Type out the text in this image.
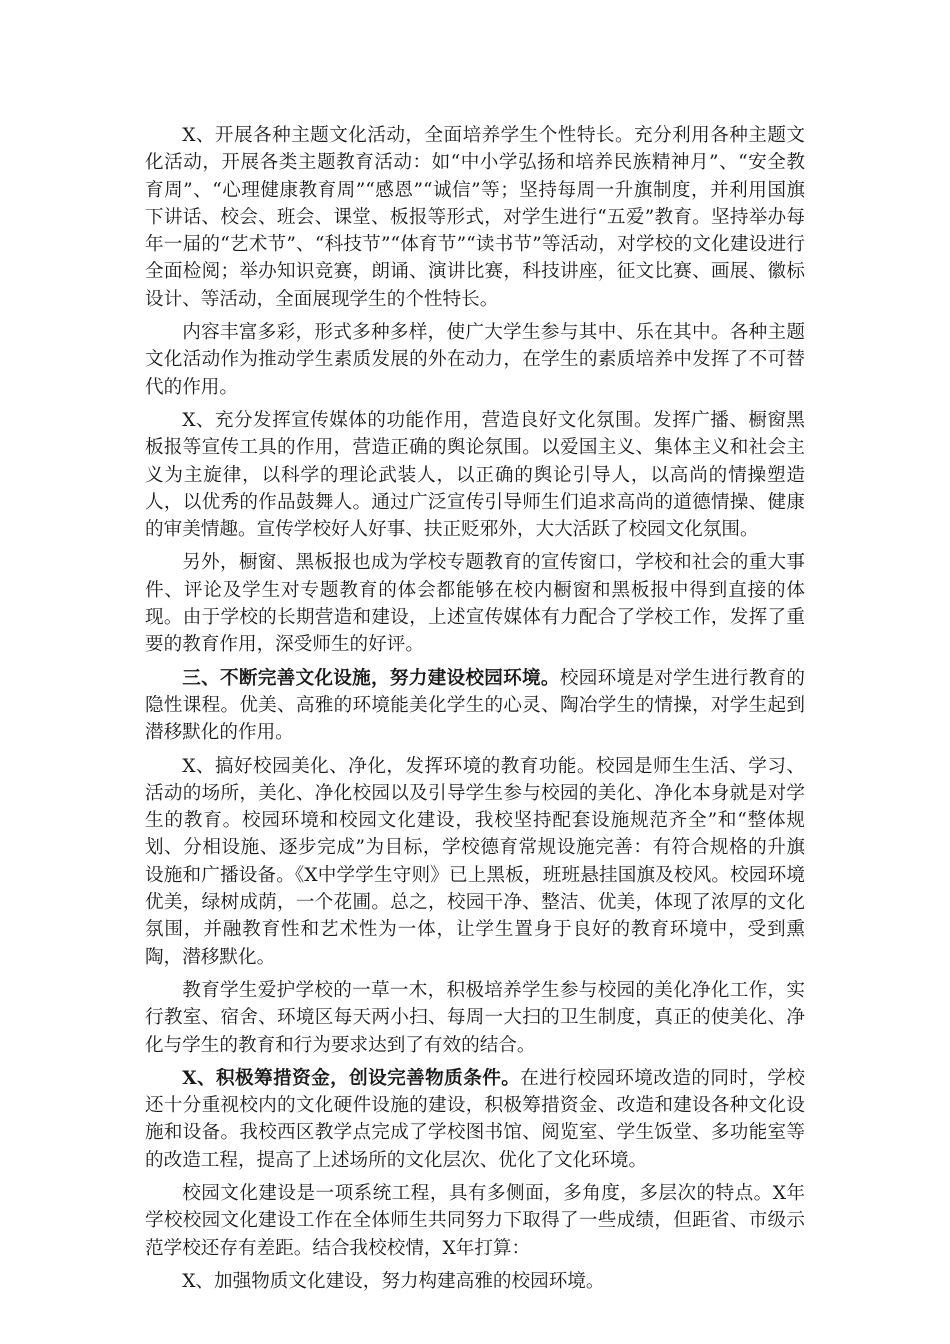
X、开展各种主题文化活动，全面培养学生个性特长。充分利用各种主题文化活动，开展各类主题教育活动：如“中小学弘扬和培养民族精神月”、“安全教育周”、“心理健康教育周”“感恩”“诚信”等；坚持每周一升旗制度，并利用国旗下讲话、校会、班会、课堂、板报等形式，对学生进行“五爱”教育。坚持举办每年一届的“艺术节”、“科技节”“体育节”“读书节”等活动，对学校的文化建设进行全面检阅；举办知识竞赛，朗诵、演讲比赛，科技讲座，征文比赛、画展、徽标设计、等活动，全面展现学生的个性特长。

内容丰富多彩，形式多种多样，使广大学生参与其中、乐在其中。各种主题文化活动作为推动学生素质发展的外在动力，在学生的素质培养中发挥了不可替代的作用。

X、充分发挥宣传媒体的功能作用，营造良好文化氛围。发挥广播、橱窗黑板报等宣传工具的作用，营造正确的舆论氛围。以爱国主义、集体主义和社会主义为主旋律，以科学的理论武装人，以正确的舆论引导人，以高尚的情操塑造人，以优秀的作品鼓舞人。通过广泛宣传引导师生们追求高尚的道德情操、健康的审美情趣。宣传学校好人好事、扶正贬邪外，大大活跃了校园文化氛围。

另外，橱窗、黑板报也成为学校专题教育的宣传窗口，学校和社会的重大事件、评论及学生对专题教育的体会都能够在校内橱窗和黑板报中得到直接的体现。由于学校的长期营造和建设，上述宣传媒体有力配合了学校工作，发挥了重要的教育作用，深受师生的好评。

三、不断完善文化设施，努力建设校园环境。校园环境是对学生进行教育的隐性课程。优美、高雅的环境能美化学生的心灵、陶冶学生的情操，对学生起到潜移默化的作用。

X、搞好校园美化、净化，发挥环境的教育功能。校园是师生生活、学习、活动的场所，美化、净化校园以及引导学生参与校园的美化、净化本身就是对学生的教育。校园环境和校园文化建设，我校坚持配套设施规范齐全”和“整体规划、分相设施、逐步完成”为目标，学校德育常规设施完善：有符合规格的升旗设施和广播设备。《X中学学生守则》已上黑板，班班悬挂国旗及校风。校园环境优美，绿树成荫，一个花圃。总之，校园干净、整洁、优美，体现了浓厚的文化氛围，并融教育性和艺术性为一体，让学生置身于良好的教育环境中，受到熏陶，潜移默化。

教育学生爱护学校的一草一木，积极培养学生参与校园的美化净化工作，实行教室、宿舍、环境区每天两小扫、每周一大扫的卫生制度，真正的使美化、净化与学生的教育和行为要求达到了有效的结合。

X、积极筹措资金，创设完善物质条件。在进行校园环境改造的同时，学校还十分重视校内的文化硬件设施的建设，积极筹措资金、改造和建设各种文化设施和设备。我校西区教学点完成了学校图书馆、阅览室、学生饭堂、多功能室等的改造工程，提高了上述场所的文化层次、优化了文化环境。

校园文化建设是一项系统工程，具有多侧面，多角度，多层次的特点。X年学校校园文化建设工作在全体师生共同努力下取得了一些成绩，但距省、市级示范学校还存有差距。结合我校校情，X年打算：

X、加强物质文化建设，努力构建高雅的校园环境。
